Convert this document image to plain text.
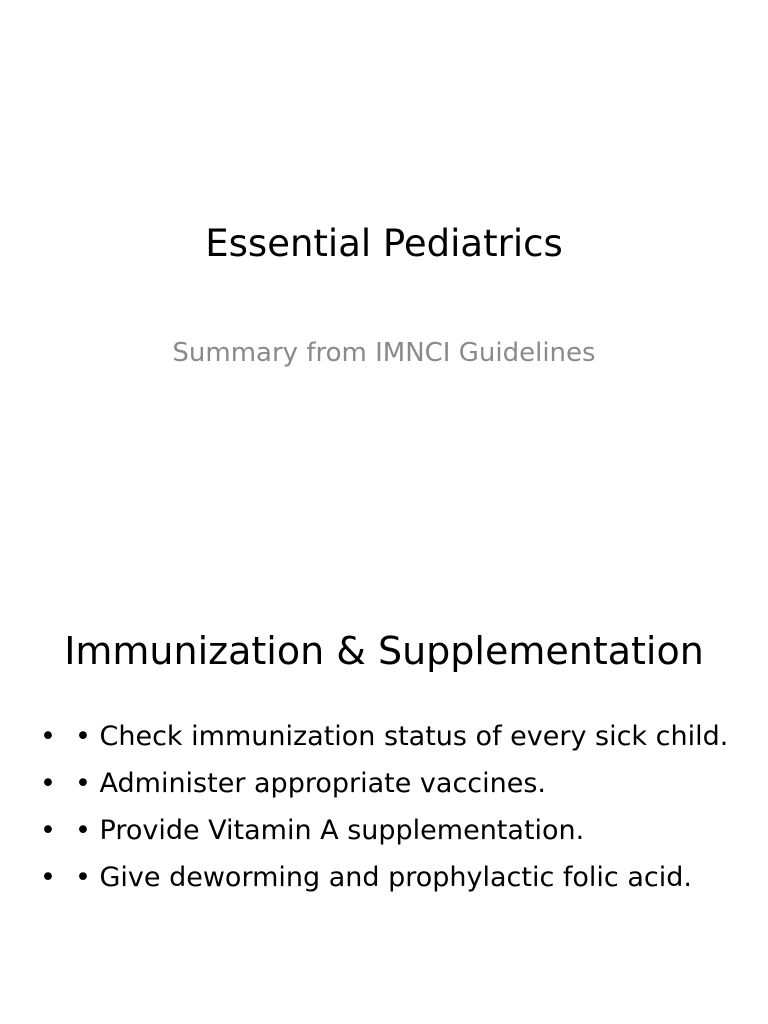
Essential Pediatrics

Summary from IMNCI Guidelines

Immunization & Supplementation
• • Check immunization status of every sick child.
• • Administer appropriate vaccines.
• • Provide Vitamin A supplementation.
• • Give deworming and prophylactic folic acid.
